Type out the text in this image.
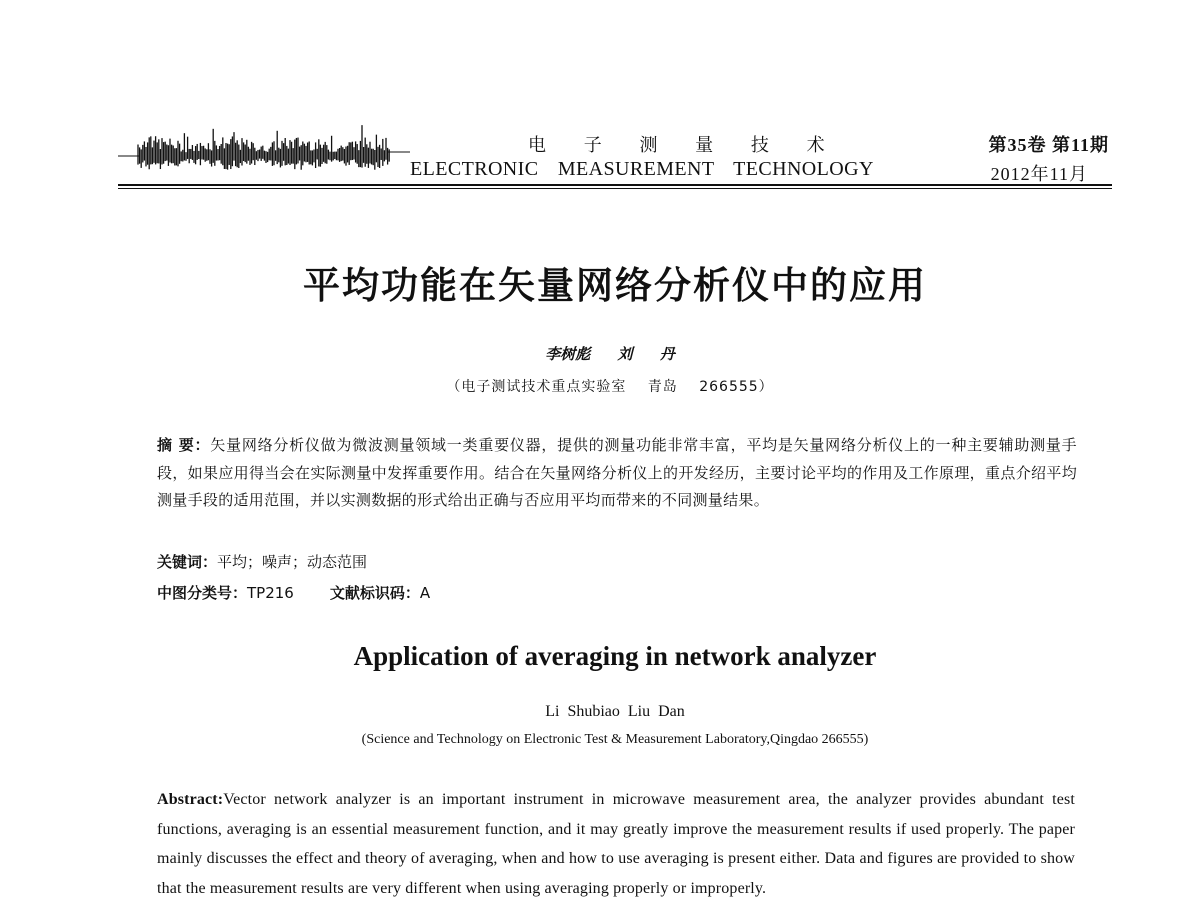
电 子 测 量 技 术
ELECTRONIC MEASUREMENT TECHNOLOGY
第35卷 第11期
2012年11月
平均功能在矢量网络分析仪中的应用
李树彪 刘 丹
（电子测试技术重点实验室 青岛 266555）
摘 要：矢量网络分析仪做为微波测量领域一类重要仪器，提供的测量功能非常丰富，平均是矢量网络分析仪上的一种主要辅助测量手段，如果应用得当会在实际测量中发挥重要作用。结合在矢量网络分析仪上的开发经历，主要讨论平均的作用及工作原理，重点介绍平均测量手段的适用范围，并以实测数据的形式给出正确与否应用平均而带来的不同测量结果。
关键词：平均；噪声；动态范围
中图分类号：TP216 文献标识码：A
Application of averaging in network analyzer
Li Shubiao Liu Dan
(Science and Technology on Electronic Test & Measurement Laboratory,Qingdao 266555)
Abstract:Vector network analyzer is an important instrument in microwave measurement area, the analyzer provides abundant test functions, averaging is an essential measurement function, and it may greatly improve the measurement results if used properly. The paper mainly discusses the effect and theory of averaging, when and how to use averaging is present either. Data and figures are provided to show that the measurement results are very different when using averaging properly or improperly.
